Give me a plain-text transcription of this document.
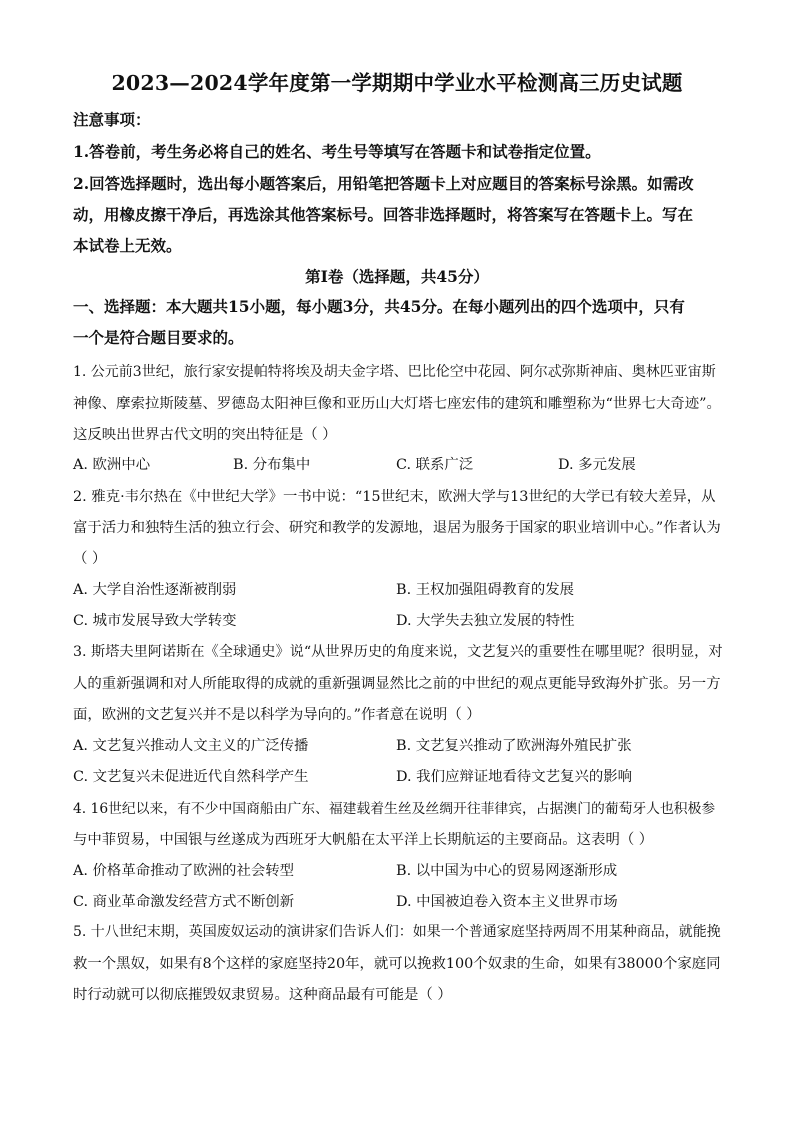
2023—2024学年度第一学期期中学业水平检测高三历史试题
注意事项：
1.答卷前，考生务必将自己的姓名、考生号等填写在答题卡和试卷指定位置。
2.回答选择题时，选出每小题答案后，用铅笔把答题卡上对应题目的答案标号涂黑。如需改
动，用橡皮擦干净后，再选涂其他答案标号。回答非选择题时，将答案写在答题卡上。写在
本试卷上无效。
第Ⅰ卷（选择题，共45分）
一、选择题：本大题共15小题，每小题3分，共45分。在每小题列出的四个选项中，只有
一个是符合题目要求的。
1. 公元前3世纪，旅行家安提帕特将埃及胡夫金字塔、巴比伦空中花园、阿尔忒弥斯神庙、奥林匹亚宙斯
神像、摩索拉斯陵墓、罗德岛太阳神巨像和亚历山大灯塔七座宏伟的建筑和雕塑称为“世界七大奇迹”。
这反映出世界古代文明的突出特征是（ ）
A. 欧洲中心	B. 分布集中	C. 联系广泛	D. 多元发展
2. 雅克·韦尔热在《中世纪大学》一书中说：“15世纪末，欧洲大学与13世纪的大学已有较大差异，从
富于活力和独特生活的独立行会、研究和教学的发源地，退居为服务于国家的职业培训中心。”作者认为
（ ）
A. 大学自治性逐渐被削弱	B. 王权加强阻碍教育的发展
C. 城市发展导致大学转变	D. 大学失去独立发展的特性
3. 斯塔夫里阿诺斯在《全球通史》说“从世界历史的角度来说，文艺复兴的重要性在哪里呢？很明显，对
人的重新强调和对人所能取得的成就的重新强调显然比之前的中世纪的观点更能导致海外扩张。另一方
面，欧洲的文艺复兴并不是以科学为导向的。”作者意在说明（ ）
A. 文艺复兴推动人文主义的广泛传播	B. 文艺复兴推动了欧洲海外殖民扩张
C. 文艺复兴未促进近代自然科学产生	D. 我们应辩证地看待文艺复兴的影响
4. 16世纪以来，有不少中国商船由广东、福建载着生丝及丝绸开往菲律宾，占据澳门的葡萄牙人也积极参
与中菲贸易，中国银与丝遂成为西班牙大帆船在太平洋上长期航运的主要商品。这表明（ ）
A. 价格革命推动了欧洲的社会转型	B. 以中国为中心的贸易网逐渐形成
C. 商业革命激发经营方式不断创新	D. 中国被迫卷入资本主义世界市场
5. 十八世纪末期，英国废奴运动的演讲家们告诉人们：如果一个普通家庭坚持两周不用某种商品，就能挽
救一个黑奴，如果有8个这样的家庭坚持20年，就可以挽救100个奴隶的生命，如果有38000个家庭同
时行动就可以彻底摧毁奴隶贸易。这种商品最有可能是（ ）
